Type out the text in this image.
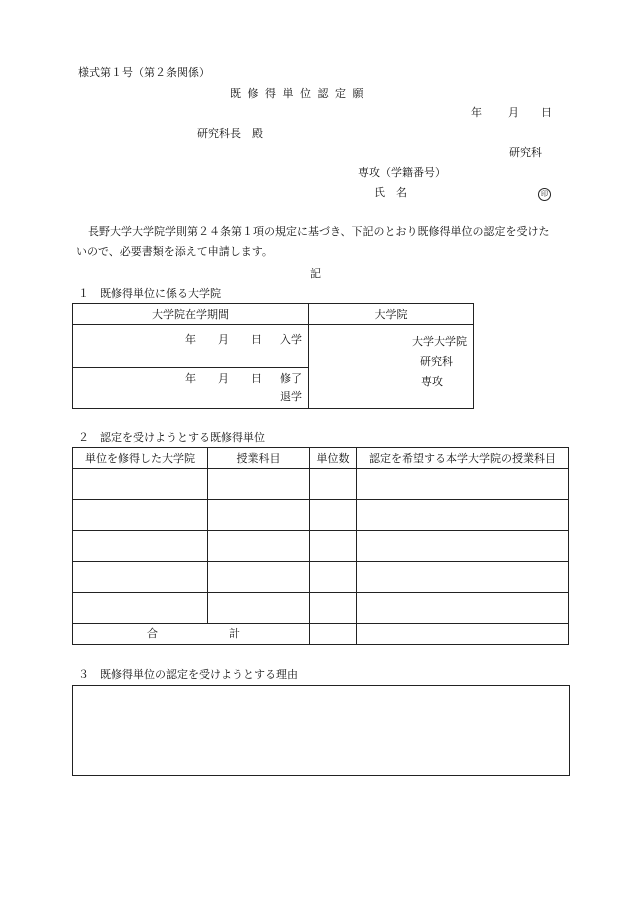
様式第１号（第２条関係）
既修得単位認定願
年 月 日
研究科長　殿
研究科
専攻（学籍番号）
氏　名	印
長野大学大学院学則第２４条第１項の規定に基づき、下記のとおり既修得単位の認定を受けたいので、必要書類を添えて申請します。
記
１　既修得単位に係る大学院
大学院在学期間	大学院

年　　月　　日 入学	大学大学院
研究科
専攻

年　　月　　日 修了
退学	
２　認定を受けようとする既修得単位
単位を修得した大学院	授業科目	単位数	認定を希望する本学大学院の授業科目

合 計			

３　既修得単位の認定を受けようとする理由
